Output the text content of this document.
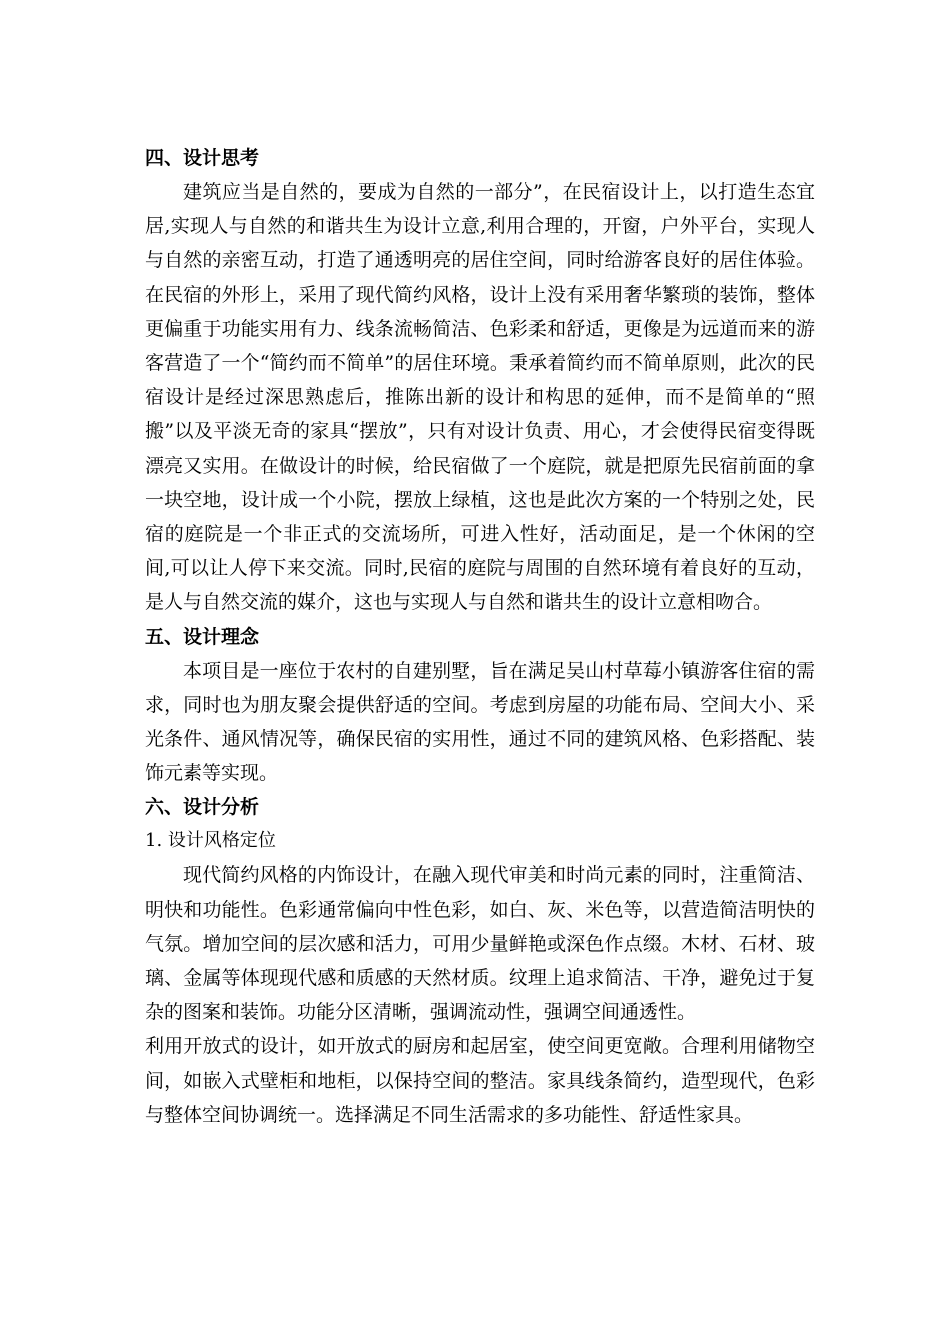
四、设计思考

建筑应当是自然的，要成为自然的一部分”，在民宿设计上，以打造生态宜居,实现人与自然的和谐共生为设计立意,利用合理的，开窗，户外平台，实现人与自然的亲密互动，打造了通透明亮的居住空间，同时给游客良好的居住体验。在民宿的外形上，采用了现代简约风格，设计上没有采用奢华繁琐的装饰，整体更偏重于功能实用有力、线条流畅简洁、色彩柔和舒适，更像是为远道而来的游客营造了一个“简约而不简单”的居住环境。秉承着简约而不简单原则，此次的民宿设计是经过深思熟虑后，推陈出新的设计和构思的延伸，而不是简单的“照搬”以及平淡无奇的家具“摆放”，只有对设计负责、用心，才会使得民宿变得既漂亮又实用。在做设计的时候，给民宿做了一个庭院，就是把原先民宿前面的拿一块空地，设计成一个小院，摆放上绿植，这也是此次方案的一个特别之处，民宿的庭院是一个非正式的交流场所，可进入性好，活动面足，是一个休闲的空间,可以让人停下来交流。同时,民宿的庭院与周围的自然环境有着良好的互动，是人与自然交流的媒介，这也与实现人与自然和谐共生的设计立意相吻合。

五、设计理念

本项目是一座位于农村的自建别墅，旨在满足吴山村草莓小镇游客住宿的需求，同时也为朋友聚会提供舒适的空间。考虑到房屋的功能布局、空间大小、采光条件、通风情况等，确保民宿的实用性，通过不同的建筑风格、色彩搭配、装饰元素等实现。

六、设计分析
1. 设计风格定位

现代简约风格的内饰设计，在融入现代审美和时尚元素的同时，注重简洁、明快和功能性。色彩通常偏向中性色彩，如白、灰、米色等，以营造简洁明快的气氛。增加空间的层次感和活力，可用少量鲜艳或深色作点缀。木材、石材、玻璃、金属等体现现代感和质感的天然材质。纹理上追求简洁、干净，避免过于复杂的图案和装饰。功能分区清晰，强调流动性，强调空间通透性。

利用开放式的设计，如开放式的厨房和起居室，使空间更宽敞。合理利用储物空间，如嵌入式壁柜和地柜，以保持空间的整洁。家具线条简约，造型现代，色彩与整体空间协调统一。选择满足不同生活需求的多功能性、舒适性家具。
